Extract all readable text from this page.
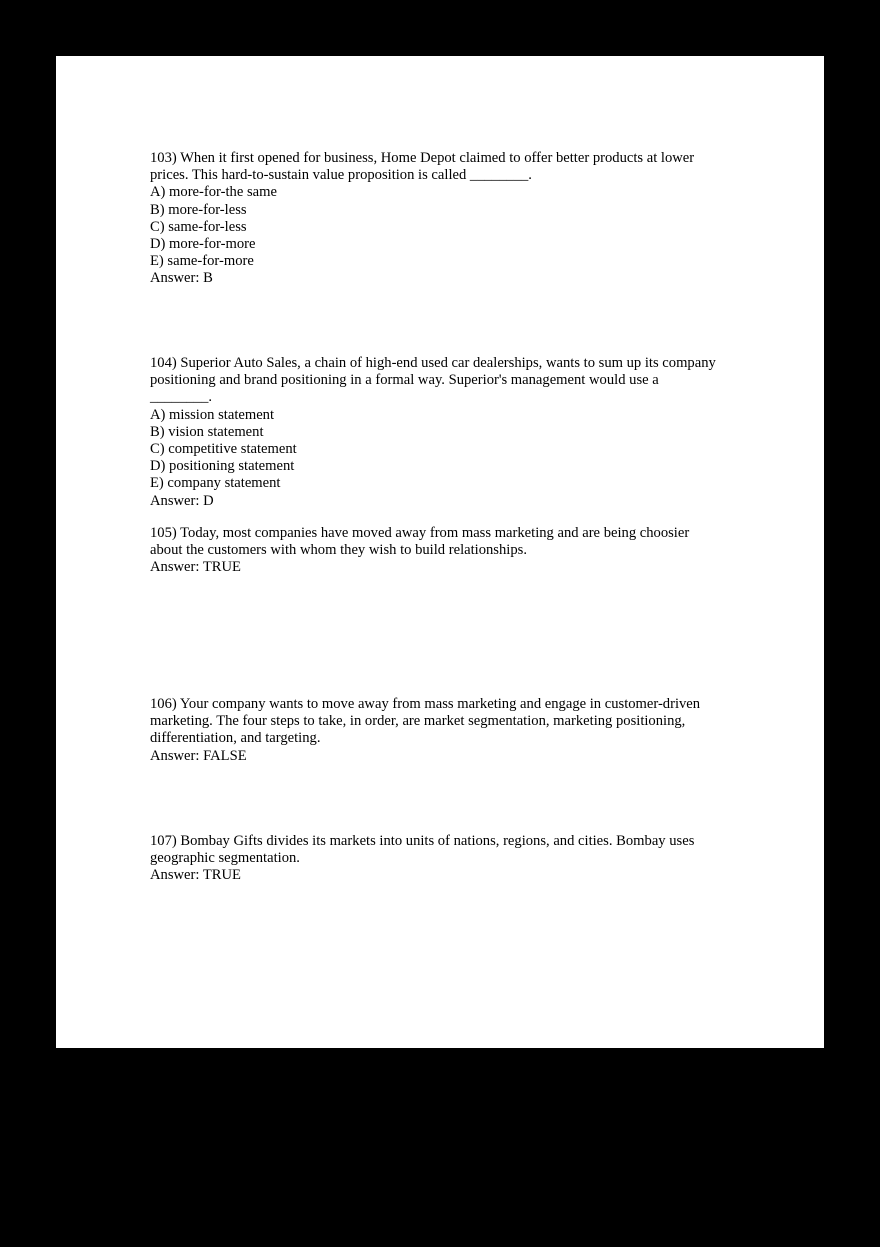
103) When it first opened for business, Home Depot claimed to offer better products at lower
prices. This hard-to-sustain value proposition is called ________.
A) more-for-the same
B) more-for-less
C) same-for-less
D) more-for-more
E) same-for-more
Answer: B
104) Superior Auto Sales, a chain of high-end used car dealerships, wants to sum up its company
positioning and brand positioning in a formal way. Superior's management would use a
________.
A) mission statement
B) vision statement
C) competitive statement
D) positioning statement
E) company statement
Answer: D
105) Today, most companies have moved away from mass marketing and are being choosier
about the customers with whom they wish to build relationships.
Answer: TRUE
106) Your company wants to move away from mass marketing and engage in customer-driven
marketing. The four steps to take, in order, are market segmentation, marketing positioning,
differentiation, and targeting.
Answer: FALSE
107) Bombay Gifts divides its markets into units of nations, regions, and cities. Bombay uses
geographic segmentation.
Answer: TRUE
